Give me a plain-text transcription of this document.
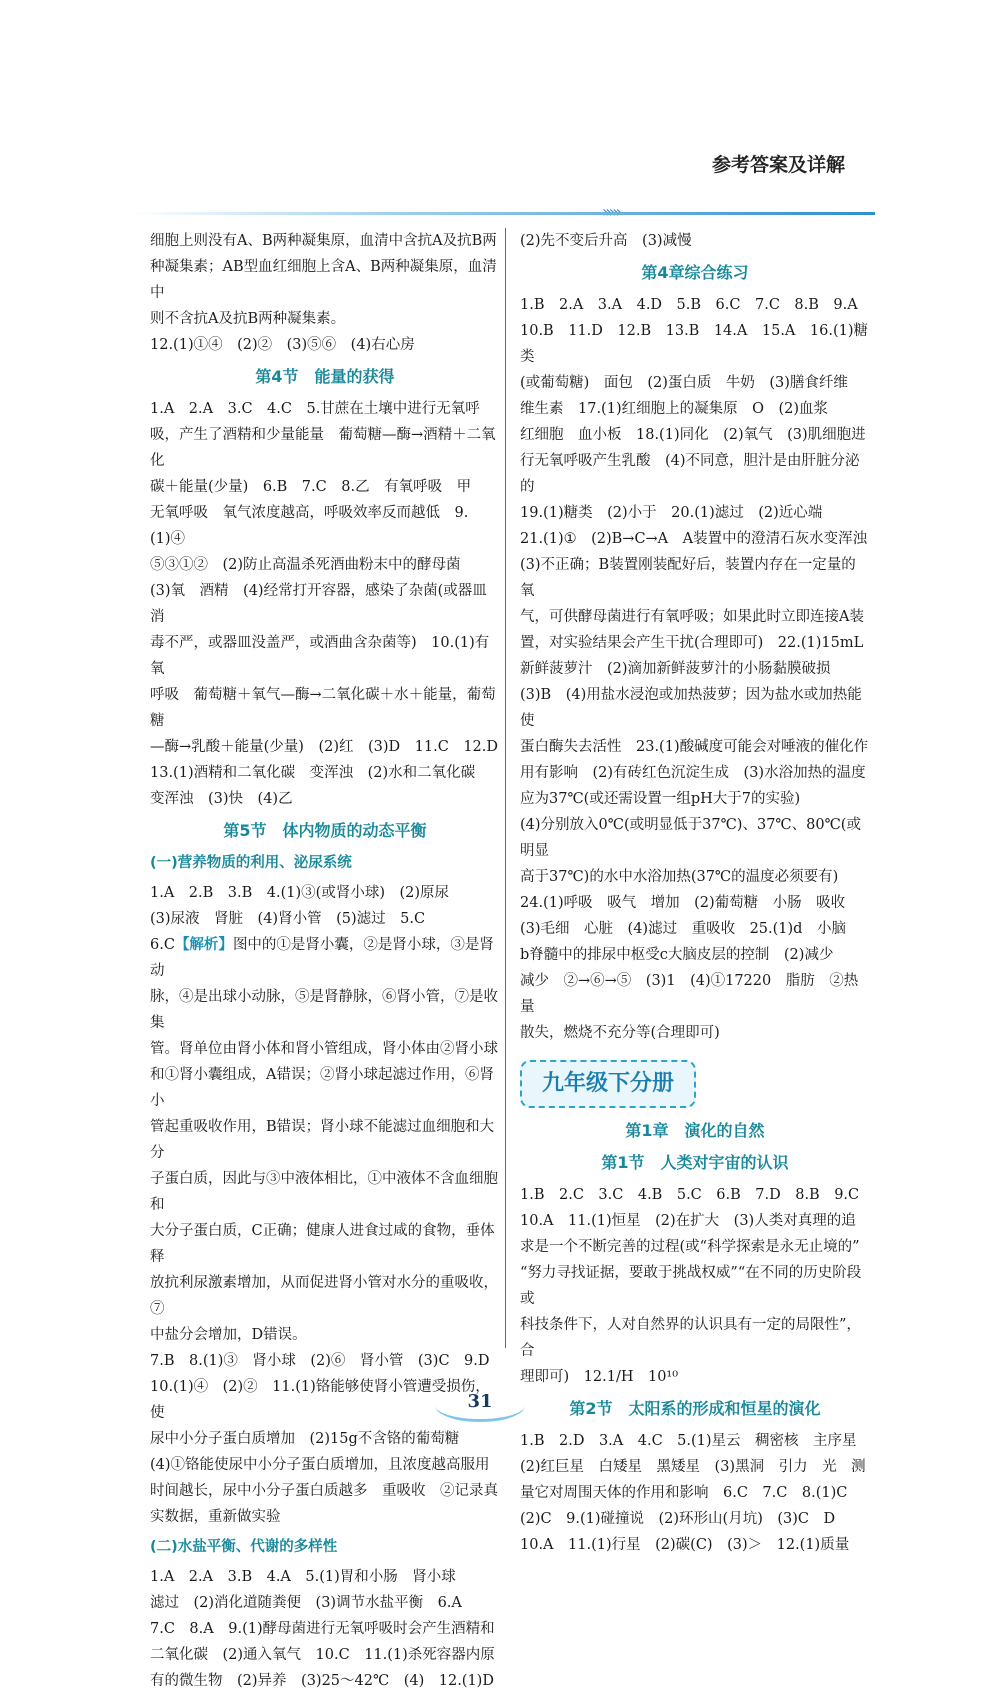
参考答案及详解

细胞上则没有A、B两种凝集原，血清中含抗A及抗B两

种凝集素；AB型血红细胞上含A、B两种凝集原，血清中

则不含抗A及抗B两种凝集素。

12.(1)①④　(2)②　(3)⑤⑥　(4)右心房

第4节　能量的获得

1.A　2.A　3.C　4.C　5.甘蔗在土壤中进行无氧呼

吸，产生了酒精和少量能量　葡萄糖—酶→酒精＋二氧化

碳＋能量(少量)　6.B　7.C　8.乙　有氧呼吸　甲

无氧呼吸　氧气浓度越高，呼吸效率反而越低　9.(1)④

⑤③①②　(2)防止高温杀死酒曲粉末中的酵母菌

(3)氧　酒精　(4)经常打开容器，感染了杂菌(或器皿消

毒不严，或器皿没盖严，或酒曲含杂菌等)　10.(1)有氧

呼吸　葡萄糖＋氧气—酶→二氧化碳＋水＋能量，葡萄糖

—酶→乳酸＋能量(少量)　(2)红　(3)D　11.C　12.D

13.(1)酒精和二氧化碳　变浑浊　(2)水和二氧化碳

变浑浊　(3)快　(4)乙

第5节　体内物质的动态平衡
(一)营养物质的利用、泌尿系统

1.A　2.B　3.B　4.(1)③(或肾小球)　(2)原尿

(3)尿液　肾脏　(4)肾小管　(5)滤过　5.C

6.C【解析】图中的①是肾小囊，②是肾小球，③是肾动

脉，④是出球小动脉，⑤是肾静脉，⑥肾小管，⑦是收集

管。肾单位由肾小体和肾小管组成，肾小体由②肾小球

和①肾小囊组成，A错误；②肾小球起滤过作用，⑥肾小

管起重吸收作用，B错误；肾小球不能滤过血细胞和大分

子蛋白质，因此与③中液体相比，①中液体不含血细胞和

大分子蛋白质，C正确；健康人进食过咸的食物，垂体释

放抗利尿激素增加，从而促进肾小管对水分的重吸收，⑦

中盐分会增加，D错误。

7.B　8.(1)③　肾小球　(2)⑥　肾小管　(3)C　9.D

10.(1)④　(2)②　11.(1)铬能够使肾小管遭受损伤，使

尿中小分子蛋白质增加　(2)15g不含铬的葡萄糖

(4)①铬能使尿中小分子蛋白质增加，且浓度越高服用

时间越长，尿中小分子蛋白质越多　重吸收　②记录真

实数据，重新做实验

(二)水盐平衡、代谢的多样性

1.A　2.A　3.B　4.A　5.(1)胃和小肠　肾小球

滤过　(2)消化道随粪便　(3)调节水盐平衡　6.A

7.C　8.A　9.(1)酵母菌进行无氧呼吸时会产生酒精和

二氧化碳　(2)通入氧气　10.C　11.(1)杀死容器内原

有的微生物　(2)异养　(3)25～42℃　(4)　12.(1)D

(2)先不变后升高　(3)减慢

第4章综合练习

1.B　2.A　3.A　4.D　5.B　6.C　7.C　8.B　9.A

10.B　11.D　12.B　13.B　14.A　15.A　16.(1)糖类

(或葡萄糖)　面包　(2)蛋白质　牛奶　(3)膳食纤维

维生素　17.(1)红细胞上的凝集原　O　(2)血浆

红细胞　血小板　18.(1)同化　(2)氧气　(3)肌细胞进

行无氧呼吸产生乳酸　(4)不同意，胆汁是由肝脏分泌的

19.(1)糖类　(2)小于　20.(1)滤过　(2)近心端

21.(1)①　(2)B→C→A　A装置中的澄清石灰水变浑浊

(3)不正确；B装置刚装配好后，装置内存在一定量的氧

气，可供酵母菌进行有氧呼吸；如果此时立即连接A装

置，对实验结果会产生干扰(合理即可)　22.(1)15mL

新鲜菠萝汁　(2)滴加新鲜菠萝汁的小肠黏膜破损

(3)B　(4)用盐水浸泡或加热菠萝；因为盐水或加热能使

蛋白酶失去活性　23.(1)酸碱度可能会对唾液的催化作

用有影响　(2)有砖红色沉淀生成　(3)水浴加热的温度

应为37℃(或还需设置一组pH大于7的实验)

(4)分别放入0℃(或明显低于37℃)、37℃、80℃(或明显

高于37℃)的水中水浴加热(37℃的温度必须要有)

24.(1)呼吸　吸气　增加　(2)葡萄糖　小肠　吸收

(3)毛细　心脏　(4)滤过　重吸收　25.(1)d　小脑

b脊髓中的排尿中枢受c大脑皮层的控制　(2)减少

减少　②→⑥→⑤　(3)1　(4)①17220　脂肪　②热量

散失，燃烧不充分等(合理即可)

九年级下分册
第1章　演化的自然
第1节　人类对宇宙的认识

1.B　2.C　3.C　4.B　5.C　6.B　7.D　8.B　9.C

10.A　11.(1)恒星　(2)在扩大　(3)人类对真理的追

求是一个不断完善的过程(或“科学探索是永无止境的”

“努力寻找证据，要敢于挑战权威”“在不同的历史阶段或

科技条件下，人对自然界的认识具有一定的局限性”，合

理即可)　12.1/H　10¹⁰

第2节　太阳系的形成和恒星的演化

1.B　2.D　3.A　4.C　5.(1)星云　稠密核　主序星

(2)红巨星　白矮星　黑矮星　(3)黑洞　引力　光　测

量它对周围天体的作用和影响　6.C　7.C　8.(1)C

(2)C　9.(1)碰撞说　(2)环形山(月坑)　(3)C　D

10.A　11.(1)行星　(2)碳(C)　(3)＞　12.(1)质量

31
